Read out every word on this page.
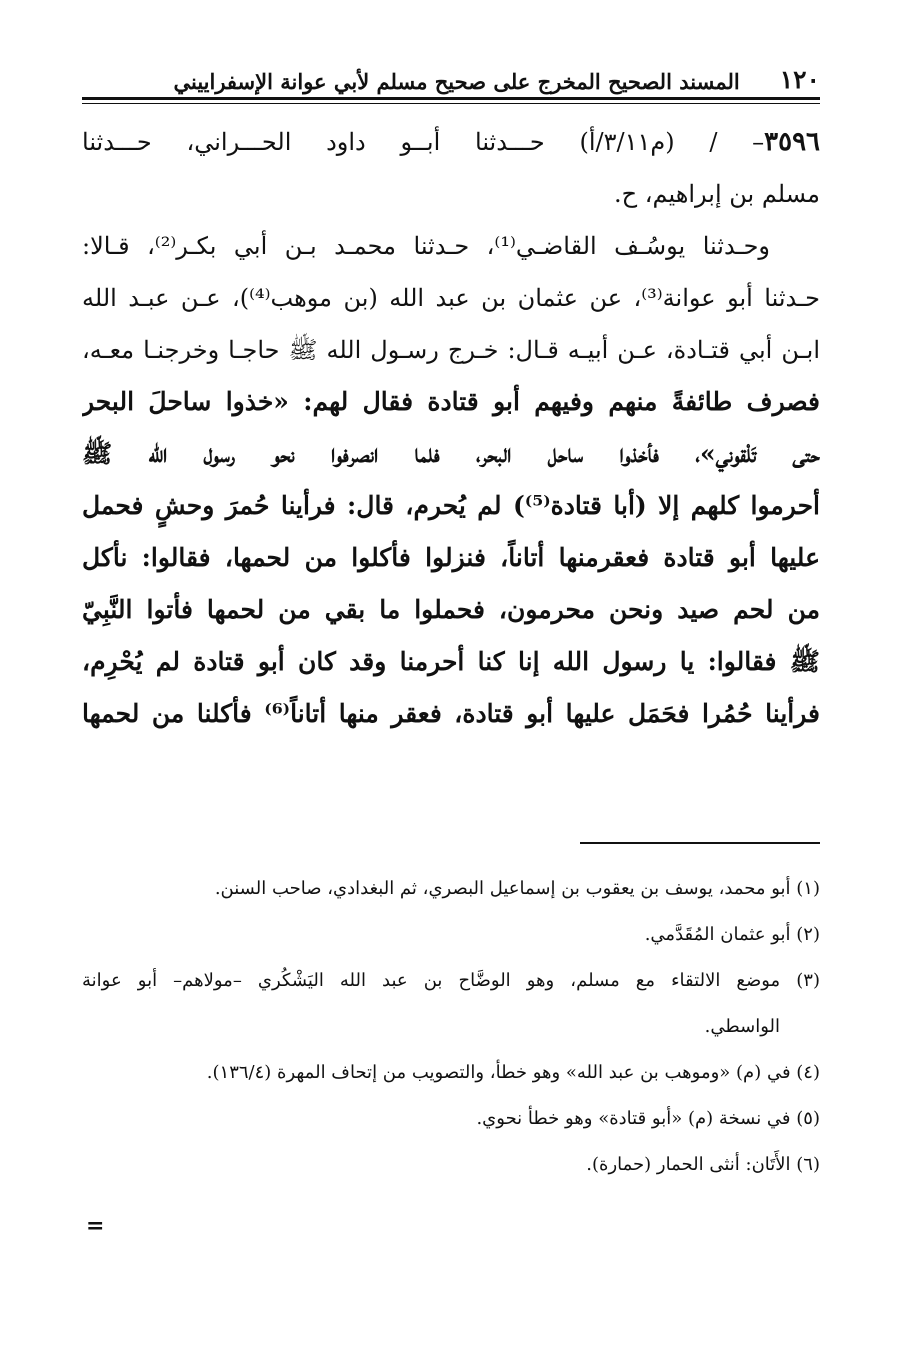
١٢٠
المسند الصحيح المخرج على صحيح مسلم لأبي عوانة الإسفراييني
٣٥٩٦– / (م٣/١١/أ) حـــدثنا أبــو داود الحـــراني، حـــدثنا
مسلم بن إبراهيم، ح.
وحـدثنا يوسُـف القاضـي⁽¹⁾، حـدثنا محمـد بـن أبي بكـر⁽²⁾، قـالا:
حـدثنا أبو عوانة⁽³⁾، عن عثمان بن عبد الله (بن موهب⁽⁴⁾)، عـن عبـد الله
ابـن أبي قتـادة، عـن أبيـه قـال: خـرج رسـول الله ﷺ حاجـا وخرجنـا معـه،
فصرف طائفةً منهم وفيهم أبو قتادة فقال لهم: «خذوا ساحلَ البحر
حتى تَلْقوني»، فأخذوا ساحل البحر، فلما انصرفوا نحو رسول الله ﷺ
أحرموا كلهم إلا (أبا قتادة⁽⁵⁾) لم يُحرم، قال: فرأينا حُمرَ وحشٍ فحمل
عليها أبو قتادة فعقرمنها أتاناً، فنزلوا فأكلوا من لحمها، فقالوا: نأكل
من لحم صيد ونحن محرمون، فحملوا ما بقي من لحمها فأتوا النَّبِيّ
ﷺ فقالوا: يا رسول الله إنا كنا أحرمنا وقد كان أبو قتادة لم يُحْرِم،
فرأينا حُمُرا فحَمَل عليها أبو قتادة، فعقر منها أتاناً⁽⁶⁾ فأكلنا من لحمها
(١) أبو محمد، يوسف بن يعقوب بن إسماعيل البصري، ثم البغدادي، صاحب السنن.
(٢) أبو عثمان المُقَدَّمي.
(٣) موضع الالتقاء مع مسلم، وهو الوضَّاح بن عبد الله اليَشْكُري –مولاهم– أبو عوانة
الواسطي.
(٤) في (م) «وموهب بن عبد الله» وهو خطأ، والتصويب من إتحاف المهرة (١٣٦/٤).
(٥) في نسخة (م) «أبو قتادة» وهو خطأ نحوي.
(٦) الأَتَان: أنثى الحمار (حمارة).
=
